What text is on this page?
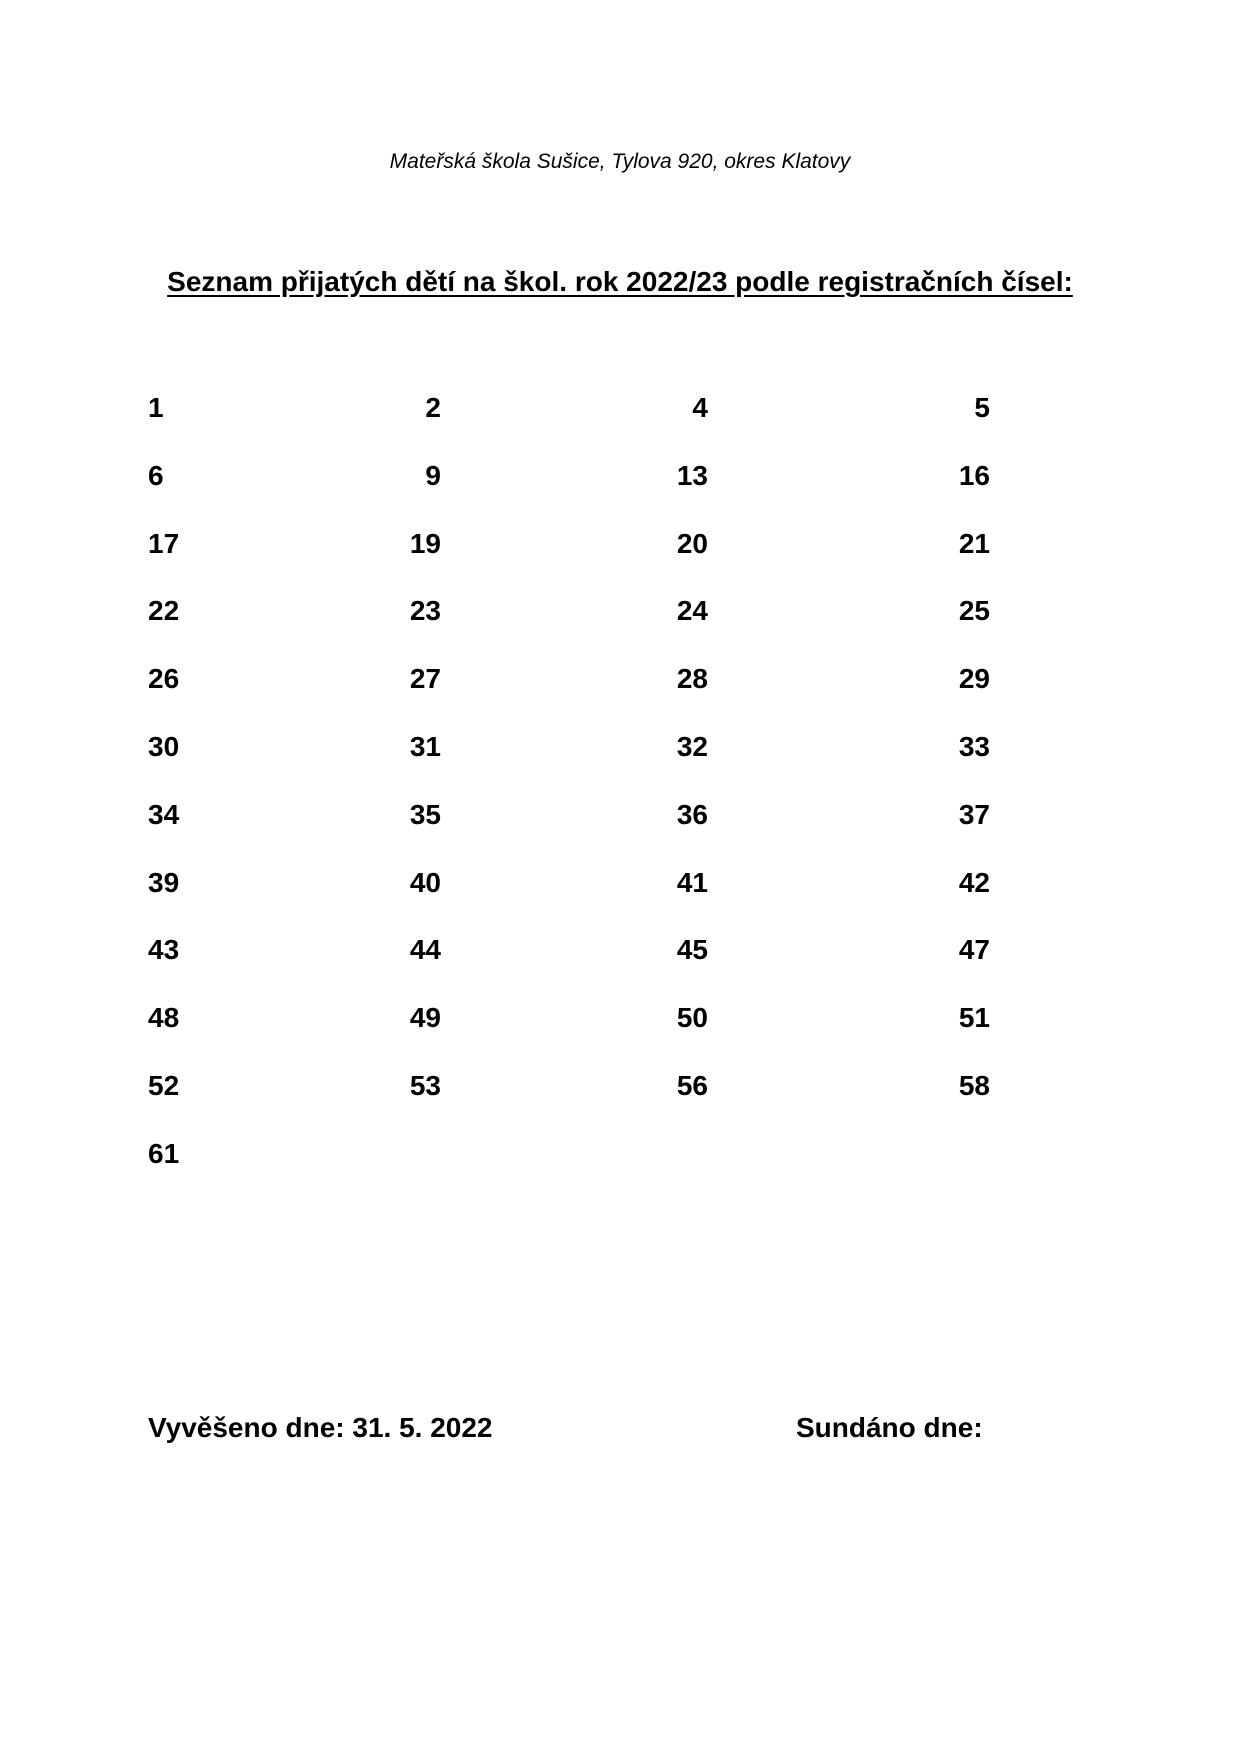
Mateřská škola Sušice, Tylova 920, okres Klatovy
Seznam přijatých dětí na škol. rok 2022/23 podle registračních čísel:
1	2	4	5
6	9	13	16
17	19	20	21
22	23	24	25
26	27	28	29
30	31	32	33
34	35	36	37
39	40	41	42
43	44	45	47
48	49	50	51
52	53	56	58
61
Vyvěšeno dne: 31. 5. 2022	Sundáno dne:
